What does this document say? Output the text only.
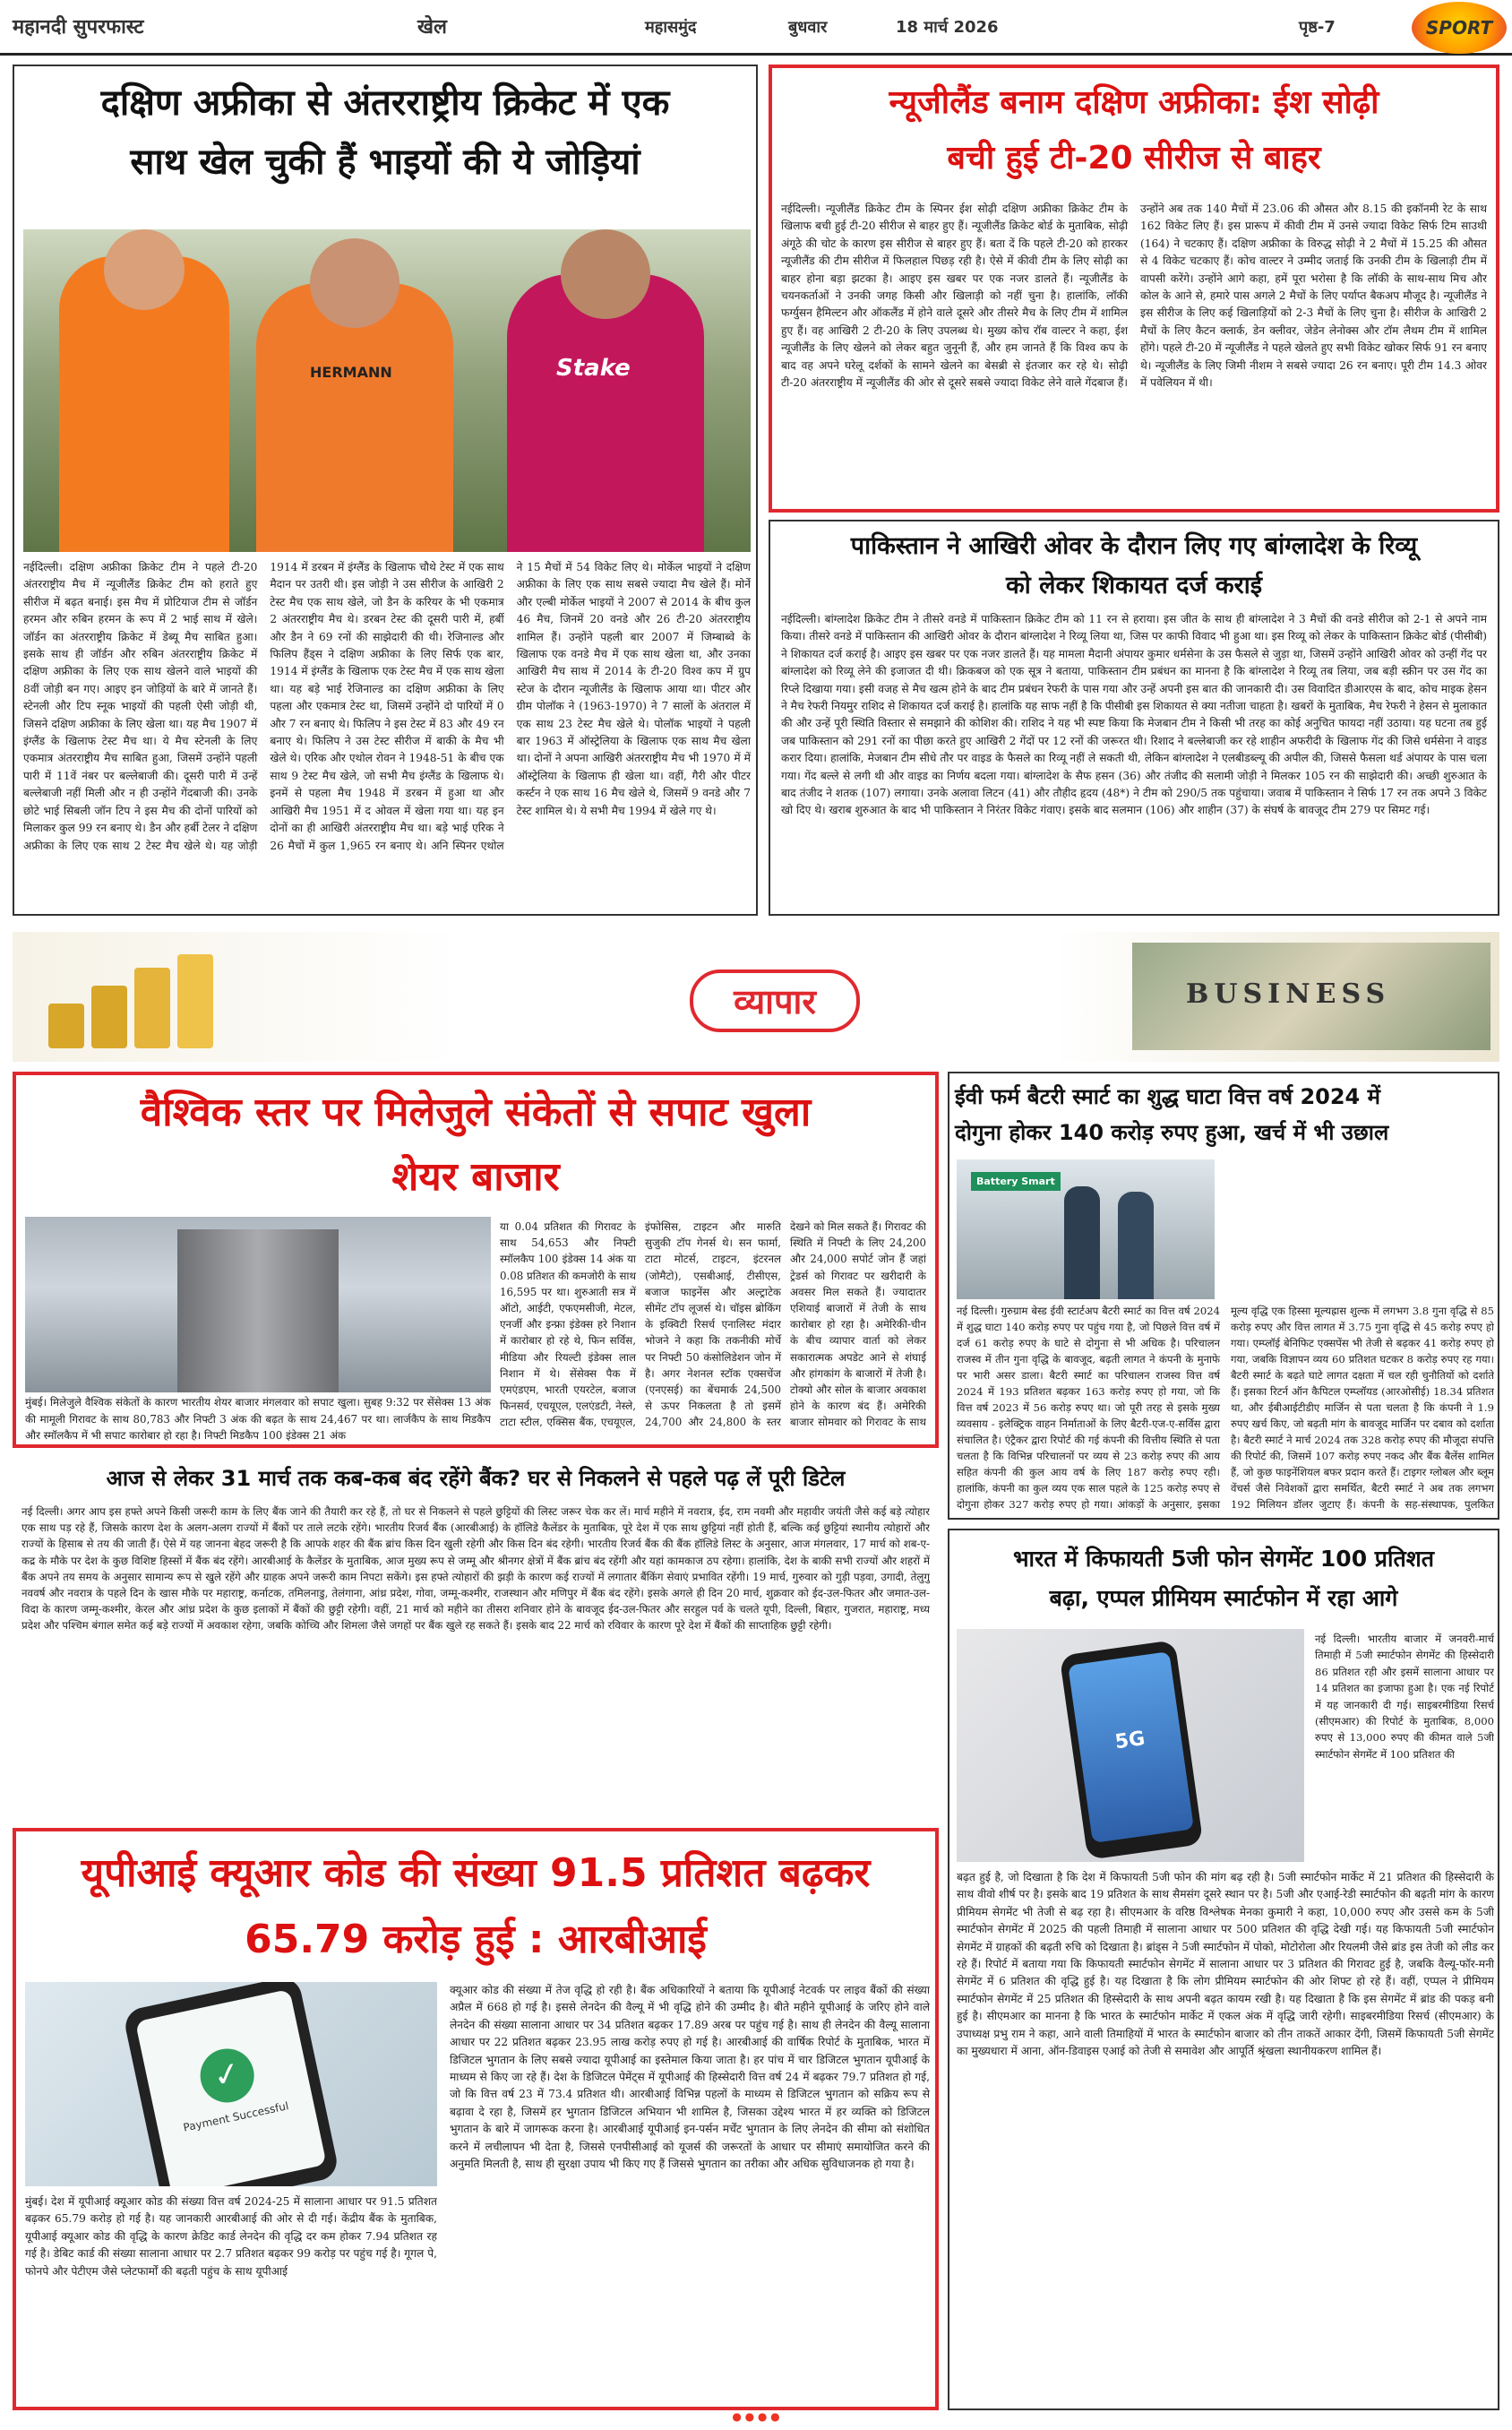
महानदी सुपरफास्ट	खेल	महासमुंद	बुधवार	18 मार्च 2026	पृष्ठ-7	SPORT
दक्षिण अफ्रीका से अंतरराष्ट्रीय क्रिकेट में एक
साथ खेल चुकी हैं भाइयों की ये जोड़ियां
HERMANN	Stake
नईदिल्ली। दक्षिण अफ्रीका क्रिकेट टीम ने पहले टी-20 अंतरराष्ट्रीय मैच में न्यूजीलैंड क्रिकेट टीम को हराते हुए सीरीज में बढ़त बनाई। इस मैच में प्रोटियाज टीम से जॉर्डन हरमन और रुबिन हरमन के रूप में 2 भाई साथ में खेले। जॉर्डन का अंतरराष्ट्रीय क्रिकेट में डेब्यू मैच साबित हुआ। इसके साथ ही जॉर्डन और रुबिन अंतरराष्ट्रीय क्रिकेट में दक्षिण अफ्रीका के लिए एक साथ खेलने वाले भाइयों की 8वीं जोड़ी बन गए। आइए इन जोड़ियों के बारे में जानते हैं। स्टेनली और टिप स्नूक भाइयों की पहली ऐसी जोड़ी थी, जिसने दक्षिण अफ्रीका के लिए खेला था। यह मैच 1907 में इंग्लैंड के खिलाफ टेस्ट मैच था। ये मैच स्टेनली के लिए एकमात्र अंतरराष्ट्रीय मैच साबित हुआ, जिसमें उन्होंने पहली पारी में 11वें नंबर पर बल्लेबाजी की। दूसरी पारी में उन्हें बल्लेबाजी नहीं मिली और न ही उन्होंने गेंदबाजी की। उनके छोटे भाई सिबली जॉन टिप ने इस मैच की दोनों पारियों को मिलाकर कुल 99 रन बनाए थे। डैन और हर्बी टेलर ने दक्षिण अफ्रीका के लिए एक साथ 2 टेस्ट मैच खेले थे। यह जोड़ी 1914 में डरबन में इंग्लैंड के खिलाफ चौथे टेस्ट में एक साथ मैदान पर उतरी थी। इस जोड़ी ने उस सीरीज के आखिरी 2 टेस्ट मैच एक साथ खेले, जो डैन के करियर के भी एकमात्र 2 अंतरराष्ट्रीय मैच थे। डरबन टेस्ट की दूसरी पारी में, हर्बी और डैन ने 69 रनों की साझेदारी की थी। रेजिनाल्ड और फिलिप हैंड्स ने दक्षिण अफ्रीका के लिए सिर्फ एक बार, 1914 में इंग्लैंड के खिलाफ एक टेस्ट मैच में एक साथ खेला था। यह बड़े भाई रेजिनाल्ड का दक्षिण अफ्रीका के लिए पहला और एकमात्र टेस्ट था, जिसमें उन्होंने दो पारियों में 0 और 7 रन बनाए थे। फिलिप ने इस टेस्ट में 83 और 49 रन बनाए थे। फिलिप ने उस टेस्ट सीरीज में बाकी के मैच भी खेले थे। एरिक और एथोल रोवन ने 1948-51 के बीच एक साथ 9 टेस्ट मैच खेले, जो सभी मैच इंग्लैंड के खिलाफ थे। इनमें से पहला मैच 1948 में डरबन में हुआ था और आखिरी मैच 1951 में द ओवल में खेला गया था। यह इन दोनों का ही आखिरी अंतरराष्ट्रीय मैच था। बड़े भाई एरिक ने 26 मैचों में कुल 1,965 रन बनाए थे। अनि स्पिनर एथोल ने 15 मैचों में 54 विकेट लिए थे। मोर्केल भाइयों ने दक्षिण अफ्रीका के लिए एक साथ सबसे ज्यादा मैच खेले हैं। मोर्ने और एल्बी मोर्केल भाइयों ने 2007 से 2014 के बीच कुल 46 मैच, जिनमें 20 वनडे और 26 टी-20 अंतरराष्ट्रीय शामिल हैं। उन्होंने पहली बार 2007 में जिम्बाब्वे के खिलाफ एक वनडे मैच में एक साथ खेला था, और उनका आखिरी मैच साथ में 2014 के टी-20 विश्व कप में ग्रुप स्टेज के दौरान न्यूजीलैंड के खिलाफ आया था। पीटर और ग्रीम पोलॉक ने (1963-1970) ने 7 सालों के अंतराल में एक साथ 23 टेस्ट मैच खेले थे। पोलॉक भाइयों ने पहली बार 1963 में ऑस्ट्रेलिया के खिलाफ एक साथ मैच खेला था। दोनों ने अपना आखिरी अंतरराष्ट्रीय मैच भी 1970 में में ऑस्ट्रेलिया के खिलाफ ही खेला था। वहीं, गैरी और पीटर कर्स्टन ने एक साथ 16 मैच खेले थे, जिसमें 9 वनडे और 7 टेस्ट शामिल थे। ये सभी मैच 1994 में खेले गए थे।
न्यूजीलैंड बनाम दक्षिण अफ्रीका: ईश सोढ़ी
बची हुई टी-20 सीरीज से बाहर
नईदिल्ली। न्यूजीलैंड क्रिकेट टीम के स्पिनर ईश सोढ़ी दक्षिण अफ्रीका क्रिकेट टीम के खिलाफ बची हुई टी-20 सीरीज से बाहर हुए हैं। न्यूजीलैंड क्रिकेट बोर्ड के मुताबिक, सोढ़ी अंगूठे की चोट के कारण इस सीरीज से बाहर हुए हैं। बता दें कि पहले टी-20 को हारकर न्यूजीलैंड की टीम सीरीज में फिलहाल पिछड़ रही है। ऐसे में कीवी टीम के लिए सोढ़ी का बाहर होना बड़ा झटका है। आइए इस खबर पर एक नजर डालते हैं। न्यूजीलैंड के चयनकर्ताओं ने उनकी जगह किसी और खिलाड़ी को नहीं चुना है। हालांकि, लॉकी फर्ग्युसन हैमिल्टन और ऑकलैंड में होने वाले दूसरे और तीसरे मैच के लिए टीम में शामिल हुए हैं। वह आखिरी 2 टी-20 के लिए उपलब्ध थे। मुख्य कोच रॉब वाल्टर ने कहा, ईश न्यूजीलैंड के लिए खेलने को लेकर बहुत जुनूनी हैं, और हम जानते हैं कि विश्व कप के बाद वह अपने घरेलू दर्शकों के सामने खेलने का बेसब्री से इंतजार कर रहे थे। सोढ़ी टी-20 अंतरराष्ट्रीय में न्यूजीलैंड की ओर से दूसरे सबसे ज्यादा विकेट लेने वाले गेंदबाज हैं। उन्होंने अब तक 140 मैचों में 23.06 की औसत और 8.15 की इकॉनमी रेट के साथ 162 विकेट लिए हैं। इस प्रारूप में कीवी टीम में उनसे ज्यादा विकेट सिर्फ टिम साउथी (164) ने चटकाए हैं। दक्षिण अफ्रीका के विरुद्ध सोढ़ी ने 2 मैचों में 15.25 की औसत से 4 विकेट चटकाए हैं। कोच वाल्टर ने उम्मीद जताई कि उनकी टीम के खिलाड़ी टीम में वापसी करेंगे। उन्होंने आगे कहा, हमें पूरा भरोसा है कि लॉकी के साथ-साथ मिच और कोल के आने से, हमारे पास अगले 2 मैचों के लिए पर्याप्त बैकअप मौजूद है। न्यूजीलैंड ने इस सीरीज के लिए कई खिलाड़ियों को 2-3 मैचों के लिए चुना है। सीरीज के आखिरी 2 मैचों के लिए कैटन क्लार्क, डेन क्लीवर, जेडेन लेनोक्स और टॉम लैथम टीम में शामिल होंगे। पहले टी-20 में न्यूजीलैंड ने पहले खेलते हुए सभी विकेट खोकर सिर्फ 91 रन बनाए थे। न्यूजीलैंड के लिए जिमी नीशम ने सबसे ज्यादा 26 रन बनाए। पूरी टीम 14.3 ओवर में पवेलियन में थी।
पाकिस्तान ने आखिरी ओवर के दौरान लिए गए बांग्लादेश के रिव्यू
को लेकर शिकायत दर्ज कराई
नईदिल्ली। बांग्लादेश क्रिकेट टीम ने तीसरे वनडे में पाकिस्तान क्रिकेट टीम को 11 रन से हराया। इस जीत के साथ ही बांग्लादेश ने 3 मैचों की वनडे सीरीज को 2-1 से अपने नाम किया। तीसरे वनडे में पाकिस्तान की आखिरी ओवर के दौरान बांग्लादेश ने रिव्यू लिया था, जिस पर काफी विवाद भी हुआ था। इस रिव्यू को लेकर के पाकिस्तान क्रिकेट बोर्ड (पीसीबी) ने शिकायत दर्ज कराई है। आइए इस खबर पर एक नजर डालते हैं। यह मामला मैदानी अंपायर कुमार धर्मसेना के उस फैसले से जुड़ा था, जिसमें उन्होंने आखिरी ओवर को उन्हीं गेंद पर बांग्लादेश को रिव्यू लेने की इजाजत दी थी। क्रिकबज को एक सूत्र ने बताया, पाकिस्तान टीम प्रबंधन का मानना है कि बांग्लादेश ने रिव्यू तब लिया, जब बड़ी स्क्रीन पर उस गेंद का रिप्ले दिखाया गया। इसी वजह से मैच खत्म होने के बाद टीम प्रबंधन रेफरी के पास गया और उन्हें अपनी इस बात की जानकारी दी। उस विवादित डीआरएस के बाद, कोच माइक हेसन ने मैच रेफरी नियमुर राशिद से शिकायत दर्ज कराई है। हालांकि यह साफ नहीं है कि पीसीबी इस शिकायत से क्या नतीजा चाहता है। खबरों के मुताबिक, मैच रेफरी ने हेसन से मुलाकात की और उन्हें पूरी स्थिति विस्तार से समझाने की कोशिश की। राशिद ने यह भी स्पष्ट किया कि मेजबान टीम ने किसी भी तरह का कोई अनुचित फायदा नहीं उठाया। यह घटना तब हुई जब पाकिस्तान को 291 रनों का पीछा करते हुए आखिरी 2 गेंदों पर 12 रनों की जरूरत थी। रिशाद ने बल्लेबाजी कर रहे शाहीन अफरीदी के खिलाफ गेंद की जिसे धर्मसेना ने वाइड करार दिया। हालांकि, मेजबान टीम सीधे तौर पर वाइड के फैसले का रिव्यू नहीं ले सकती थी, लेकिन बांग्लादेश ने एलबीडब्ल्यू की अपील की, जिससे फैसला थर्ड अंपायर के पास चला गया। गेंद बल्ले से लगी थी और वाइड का निर्णय बदला गया। बांग्लादेश के सैफ हसन (36) और तंजीद की सलामी जोड़ी ने मिलकर 105 रन की साझेदारी की। अच्छी शुरुआत के बाद तंजीद ने शतक (107) लगाया। उनके अलावा लिटन (41) और तौहीद हृदय (48*) ने टीम को 290/5 तक पहुंचाया। जवाब में पाकिस्तान ने सिर्फ 17 रन तक अपने 3 विकेट खो दिए थे। खराब शुरुआत के बाद भी पाकिस्तान ने निरंतर विकेट गंवाए। इसके बाद सलमान (106) और शाहीन (37) के संघर्ष के बावजूद टीम 279 पर सिमट गई।
BUSINESS
व्यापार
वैश्विक स्तर पर मिलेजुले संकेतों से सपाट खुला
शेयर बाजार
मुंबई। मिलेजुले वैश्विक संकेतों के कारण भारतीय शेयर बाजार मंगलवार को सपाट खुला। सुबह 9:32 पर सेंसेक्स 13 अंक की मामूली गिरावट के साथ 80,783 और निफ्टी 3 अंक की बढ़त के साथ 24,467 पर था। लार्जकैप के साथ मिडकैप और स्मॉलकैप में भी सपाट कारोबार हो रहा है। निफ्टी मिडकैप 100 इंडेक्स 21 अंक
या 0.04 प्रतिशत की गिरावट के साथ 54,653 और निफ्टी स्मॉलकैप 100 इंडेक्स 14 अंक या 0.08 प्रतिशत की कमजोरी के साथ 16,595 पर था। शुरुआती सत्र में ऑटो, आईटी, एफएमसीजी, मेटल, एनर्जी और इन्फ्रा इंडेक्स हरे निशान में कारोबार हो रहे थे, फिन सर्विस, मीडिया और रियल्टी इंडेक्स लाल निशान में थे। सेंसेक्स पैक में एमएंडएम, भारती एयरटेल, बजाज फिनसर्व, एचयूएल, एलएंडटी, नेस्ले, टाटा स्टील, एक्सिस बैंक, एचयूएल, इंफोसिस, टाइटन और मारुति सुजुकी टॉप गेनर्स थे। सन फार्मा, टाटा मोटर्स, टाइटन, इंटरनल (जोमैटो), एसबीआई, टीसीएस, बजाज फाइनेंस और अल्ट्राटेक सीमेंट टॉप लूजर्स थे। चॉइस ब्रोकिंग के इक्विटी रिसर्च एनालिस्ट मंदार भोजने ने कहा कि तकनीकी मोर्चे पर निफ्टी 50 कंसोलिडेशन जोन में है। अगर नेशनल स्टॉक एक्सचेंज (एनएसई) का बेंचमार्क 24,500 से ऊपर निकलता है तो इसमें 24,700 और 24,800 के स्तर देखने को मिल सकते हैं। गिरावट की स्थिति में निफ्टी के लिए 24,200 और 24,000 सपोर्ट जोन हैं जहां ट्रेडर्स को गिरावट पर खरीदारी के अवसर मिल सकते हैं। ज्यादातर एशियाई बाजारों में तेजी के साथ कारोबार हो रहा है। अमेरिकी-चीन के बीच व्यापार वार्ता को लेकर सकारात्मक अपडेट आने से शंघाई और हांगकांग के बाजारों में तेजी है। टोक्यो और सोल के बाजार अवकाश होने के कारण बंद हैं। अमेरिकी बाजार सोमवार को गिरावट के साथ
आज से लेकर 31 मार्च तक कब-कब बंद रहेंगे बैंक? घर से निकलने से पहले पढ़ लें पूरी डिटेल
नई दिल्ली। अगर आप इस हफ्ते अपने किसी जरूरी काम के लिए बैंक जाने की तैयारी कर रहे हैं, तो घर से निकलने से पहले छुट्टियों की लिस्ट जरूर चेक कर लें। मार्च महीने में नवरात्र, ईद, राम नवमी और महावीर जयंती जैसे कई बड़े त्योहार एक साथ पड़ रहे हैं, जिसके कारण देश के अलग-अलग राज्यों में बैंकों पर ताले लटके रहेंगे। भारतीय रिजर्व बैंक (आरबीआई) के हॉलिडे कैलेंडर के मुताबिक, पूरे देश में एक साथ छुट्टियां नहीं होती हैं, बल्कि कई छुट्टियां स्थानीय त्योहारों और राज्यों के हिसाब से तय की जाती हैं। ऐसे में यह जानना बेहद जरूरी है कि आपके शहर की बैंक ब्रांच किस दिन खुली रहेगी और किस दिन बंद रहेगी। भारतीय रिजर्व बैंक की बैंक हॉलिडे लिस्ट के अनुसार, आज मंगलवार, 17 मार्च को शब-ए-कद्र के मौके पर देश के कुछ विशिष्ट हिस्सों में बैंक बंद रहेंगे। आरबीआई के कैलेंडर के मुताबिक, आज मुख्य रूप से जम्मू और श्रीनगर क्षेत्रों में बैंक ब्रांच बंद रहेंगी और यहां कामकाज ठप रहेगा। हालांकि, देश के बाकी सभी राज्यों और शहरों में बैंक अपने तय समय के अनुसार सामान्य रूप से खुले रहेंगे और ग्राहक अपने जरूरी काम निपटा सकेंगे। इस हफ्ते त्योहारों की झड़ी के कारण कई राज्यों में लगातार बैंकिंग सेवाएं प्रभावित रहेंगी। 19 मार्च, गुरुवार को गुड़ी पड़वा, उगादी, तेलुगु नववर्ष और नवरात्र के पहले दिन के खास मौके पर महाराष्ट्र, कर्नाटक, तमिलनाडु, तेलंगाना, आंध्र प्रदेश, गोवा, जम्मू-कश्मीर, राजस्थान और मणिपुर में बैंक बंद रहेंगे। इसके अगले ही दिन 20 मार्च, शुक्रवार को ईद-उल-फितर और जमात-उल-विदा के कारण जम्मू-कश्मीर, केरल और आंध्र प्रदेश के कुछ इलाकों में बैंकों की छुट्टी रहेगी। वहीं, 21 मार्च को महीने का तीसरा शनिवार होने के बावजूद ईद-उल-फितर और सरहुल पर्व के चलते यूपी, दिल्ली, बिहार, गुजरात, महाराष्ट्र, मध्य प्रदेश और पश्चिम बंगाल समेत कई बड़े राज्यों में अवकाश रहेगा, जबकि कोच्चि और शिमला जैसे जगहों पर बैंक खुले रह सकते हैं। इसके बाद 22 मार्च को रविवार के कारण पूरे देश में बैंकों की साप्ताहिक छुट्टी रहेगी।
यूपीआई क्यूआर कोड की संख्या 91.5 प्रतिशत बढ़कर
65.79 करोड़ हुई : आरबीआई
✓
Payment Successful
मुंबई। देश में यूपीआई क्यूआर कोड की संख्या वित्त वर्ष 2024-25 में सालाना आधार पर 91.5 प्रतिशत बढ़कर 65.79 करोड़ हो गई है। यह जानकारी आरबीआई की ओर से दी गई। केंद्रीय बैंक के मुताबिक, यूपीआई क्यूआर कोड की वृद्धि के कारण क्रेडिट कार्ड लेनदेन की वृद्धि दर कम होकर 7.94 प्रतिशत रह गई है। डेबिट कार्ड की संख्या सालाना आधार पर 2.7 प्रतिशत बढ़कर 99 करोड़ पर पहुंच गई है। गूगल पे, फोनपे और पेटीएम जैसे प्लेटफार्मों की बढ़ती पहुंच के साथ यूपीआई
क्यूआर कोड की संख्या में तेज वृद्धि हो रही है। बैंक अधिकारियों ने बताया कि यूपीआई नेटवर्क पर लाइव बैंकों की संख्या अप्रैल में 668 हो गई है। इससे लेनदेन की वैल्यू में भी वृद्धि होने की उम्मीद है। बीते महीने यूपीआई के जरिए होने वाले लेनदेन की संख्या सालाना आधार पर 34 प्रतिशत बढ़कर 17.89 अरब पर पहुंच गई है। साथ ही लेनदेन की वैल्यू सालाना आधार पर 22 प्रतिशत बढ़कर 23.95 लाख करोड़ रुपए हो गई है। आरबीआई की वार्षिक रिपोर्ट के मुताबिक, भारत में डिजिटल भुगतान के लिए सबसे ज्यादा यूपीआई का इस्तेमाल किया जाता है। हर पांच में चार डिजिटल भुगतान यूपीआई के माध्यम से किए जा रहे हैं। देश के डिजिटल पेमेंट्स में यूपीआई की हिस्सेदारी वित्त वर्ष 24 में बढ़कर 79.7 प्रतिशत हो गई, जो कि वित्त वर्ष 23 में 73.4 प्रतिशत थी। आरबीआई विभिन्न पहलों के माध्यम से डिजिटल भुगतान को सक्रिय रूप से बढ़ावा दे रहा है, जिसमें हर भुगतान डिजिटल अभियान भी शामिल है, जिसका उद्देश्य भारत में हर व्यक्ति को डिजिटल भुगतान के बारे में जागरूक करना है। आरबीआई यूपीआई इन-पर्सन मर्चेंट भुगतान के लिए लेनदेन की सीमा को संशोधित करने में लचीलापन भी देता है, जिससे एनपीसीआई को यूजर्स की जरूरतों के आधार पर सीमाएं समायोजित करने की अनुमति मिलती है, साथ ही सुरक्षा उपाय भी किए गए हैं जिससे भुगतान का तरीका और अधिक सुविधाजनक हो गया है।
ईवी फर्म बैटरी स्मार्ट का शुद्ध घाटा वित्त वर्ष 2024 में
दोगुना होकर 140 करोड़ रुपए हुआ, खर्च में भी उछाल
Battery Smart
नई दिल्ली। गुरुग्राम बेस्ड ईवी स्टार्टअप बैटरी स्मार्ट का वित्त वर्ष 2024 में शुद्ध घाटा 140 करोड़ रुपए पर पहुंच गया है, जो पिछले वित्त वर्ष में दर्ज 61 करोड़ रुपए के घाटे से दोगुना से भी अधिक है। परिचालन राजस्व में तीन गुना वृद्धि के बावजूद, बढ़ती लागत ने कंपनी के मुनाफे पर भारी असर डाला। बैटरी स्मार्ट का परिचालन राजस्व वित्त वर्ष 2024 में 193 प्रतिशत बढ़कर 163 करोड़ रुपए हो गया, जो कि वित्त वर्ष 2023 में 56 करोड़ रुपए था। जो पूरी तरह से इसके मुख्य व्यवसाय - इलेक्ट्रिक वाहन निर्माताओं के लिए बैटरी-एज-ए-सर्विस द्वारा संचालित है। एंट्रैकर द्वारा रिपोर्ट की गई कंपनी की वित्तीय स्थिति से पता चलता है कि विभिन्न परिचालनों पर व्यय से 23 करोड़ रुपए की आय सहित कंपनी की कुल आय वर्ष के लिए 187 करोड़ रुपए रही। हालांकि, कंपनी का कुल व्यय एक साल पहले के 125 करोड़ रुपए से दोगुना होकर 327 करोड़ रुपए हो गया। आंकड़ों के अनुसार, इसका मूल्य वृद्धि एक हिस्सा मूल्यह्रास शुल्क में लगभग 3.8 गुना वृद्धि से 85 करोड़ रुपए और वित्त लागत में 3.75 गुना वृद्धि से 45 करोड़ रुपए हो गया। एम्प्लॉई बेनिफिट एक्सपेंस भी तेजी से बढ़कर 41 करोड़ रुपए हो गया, जबकि विज्ञापन व्यय 60 प्रतिशत घटकर 8 करोड़ रुपए रह गया। बैटरी स्मार्ट के बढ़ते घाटे लागत दक्षता में चल रही चुनौतियों को दर्शाते हैं। इसका रिटर्न ऑन कैपिटल एम्प्लॉयड (आरओसीई) 18.34 प्रतिशत था, और ईबीआईटीडीए मार्जिन से पता चलता है कि कंपनी ने 1.9 रुपए खर्च किए, जो बढ़ती मांग के बावजूद मार्जिन पर दबाव को दर्शाता है। बैटरी स्मार्ट ने मार्च 2024 तक 328 करोड़ रुपए की मौजूदा संपत्ति की रिपोर्ट की, जिसमें 107 करोड़ रुपए नकद और बैंक बैलेंस शामिल हैं, जो कुछ फाइनेंशियल बफर प्रदान करते हैं। टाइगर ग्लोबल और ब्लूम वेंचर्स जैसे निवेशकों द्वारा समर्थित, बैटरी स्मार्ट ने अब तक लगभग 192 मिलियन डॉलर जुटाए हैं। कंपनी के सह-संस्थापक, पुलकित
भारत में किफायती 5जी फोन सेगमेंट 100 प्रतिशत
बढ़ा, एप्पल प्रीमियम स्मार्टफोन में रहा आगे
5G
नई दिल्ली। भारतीय बाजार में जनवरी-मार्च तिमाही में 5जी स्मार्टफोन सेगमेंट की हिस्सेदारी 86 प्रतिशत रही और इसमें सालाना आधार पर 14 प्रतिशत का इजाफा हुआ है। एक नई रिपोर्ट में यह जानकारी दी गई। साइबरमीडिया रिसर्च (सीएमआर) की रिपोर्ट के मुताबिक, 8,000 रुपए से 13,000 रुपए की कीमत वाले 5जी स्मार्टफोन सेगमेंट में 100 प्रतिशत की
बढ़त हुई है, जो दिखाता है कि देश में किफायती 5जी फोन की मांग बढ़ रही है। 5जी स्मार्टफोन मार्केट में 21 प्रतिशत की हिस्सेदारी के साथ वीवो शीर्ष पर है। इसके बाद 19 प्रतिशत के साथ सैमसंग दूसरे स्थान पर है। 5जी और एआई-रेडी स्मार्टफोन की बढ़ती मांग के कारण प्रीमियम सेगमेंट भी तेजी से बढ़ रहा है। सीएमआर के वरिष्ठ विश्लेषक मेनका कुमारी ने कहा, 10,000 रुपए और उससे कम के 5जी स्मार्टफोन सेगमेंट में 2025 की पहली तिमाही में सालाना आधार पर 500 प्रतिशत की वृद्धि देखी गई। यह किफायती 5जी स्मार्टफोन सेगमेंट में ग्राहकों की बढ़ती रुचि को दिखाता है। ब्रांड्स ने 5जी स्मार्टफोन में पोको, मोटोरोला और रियलमी जैसे ब्रांड इस तेजी को लीड कर रहे हैं। रिपोर्ट में बताया गया कि किफायती स्मार्टफोन सेगमेंट में सालाना आधार पर 3 प्रतिशत की गिरावट हुई है, जबकि वैल्यू-फॉर-मनी सेगमेंट में 6 प्रतिशत की वृद्धि हुई है। यह दिखाता है कि लोग प्रीमियम स्मार्टफोन की ओर शिफ्ट हो रहे हैं। वहीं, एप्पल ने प्रीमियम स्मार्टफोन सेगमेंट में 25 प्रतिशत की हिस्सेदारी के साथ अपनी बढ़त कायम रखी है। यह दिखाता है कि इस सेगमेंट में ब्रांड की पकड़ बनी हुई है। सीएमआर का मानना है कि भारत के स्मार्टफोन मार्केट में एकल अंक में वृद्धि जारी रहेगी। साइबरमीडिया रिसर्च (सीएमआर) के उपाध्यक्ष प्रभु राम ने कहा, आने वाली तिमाहियों में भारत के स्मार्टफोन बाजार को तीन ताकतें आकार देंगी, जिसमें किफायती 5जी सेगमेंट का मुख्यधारा में आना, ऑन-डिवाइस एआई को तेजी से समावेश और आपूर्ति श्रृंखला स्थानीयकरण शामिल हैं।
● ● ● ●
